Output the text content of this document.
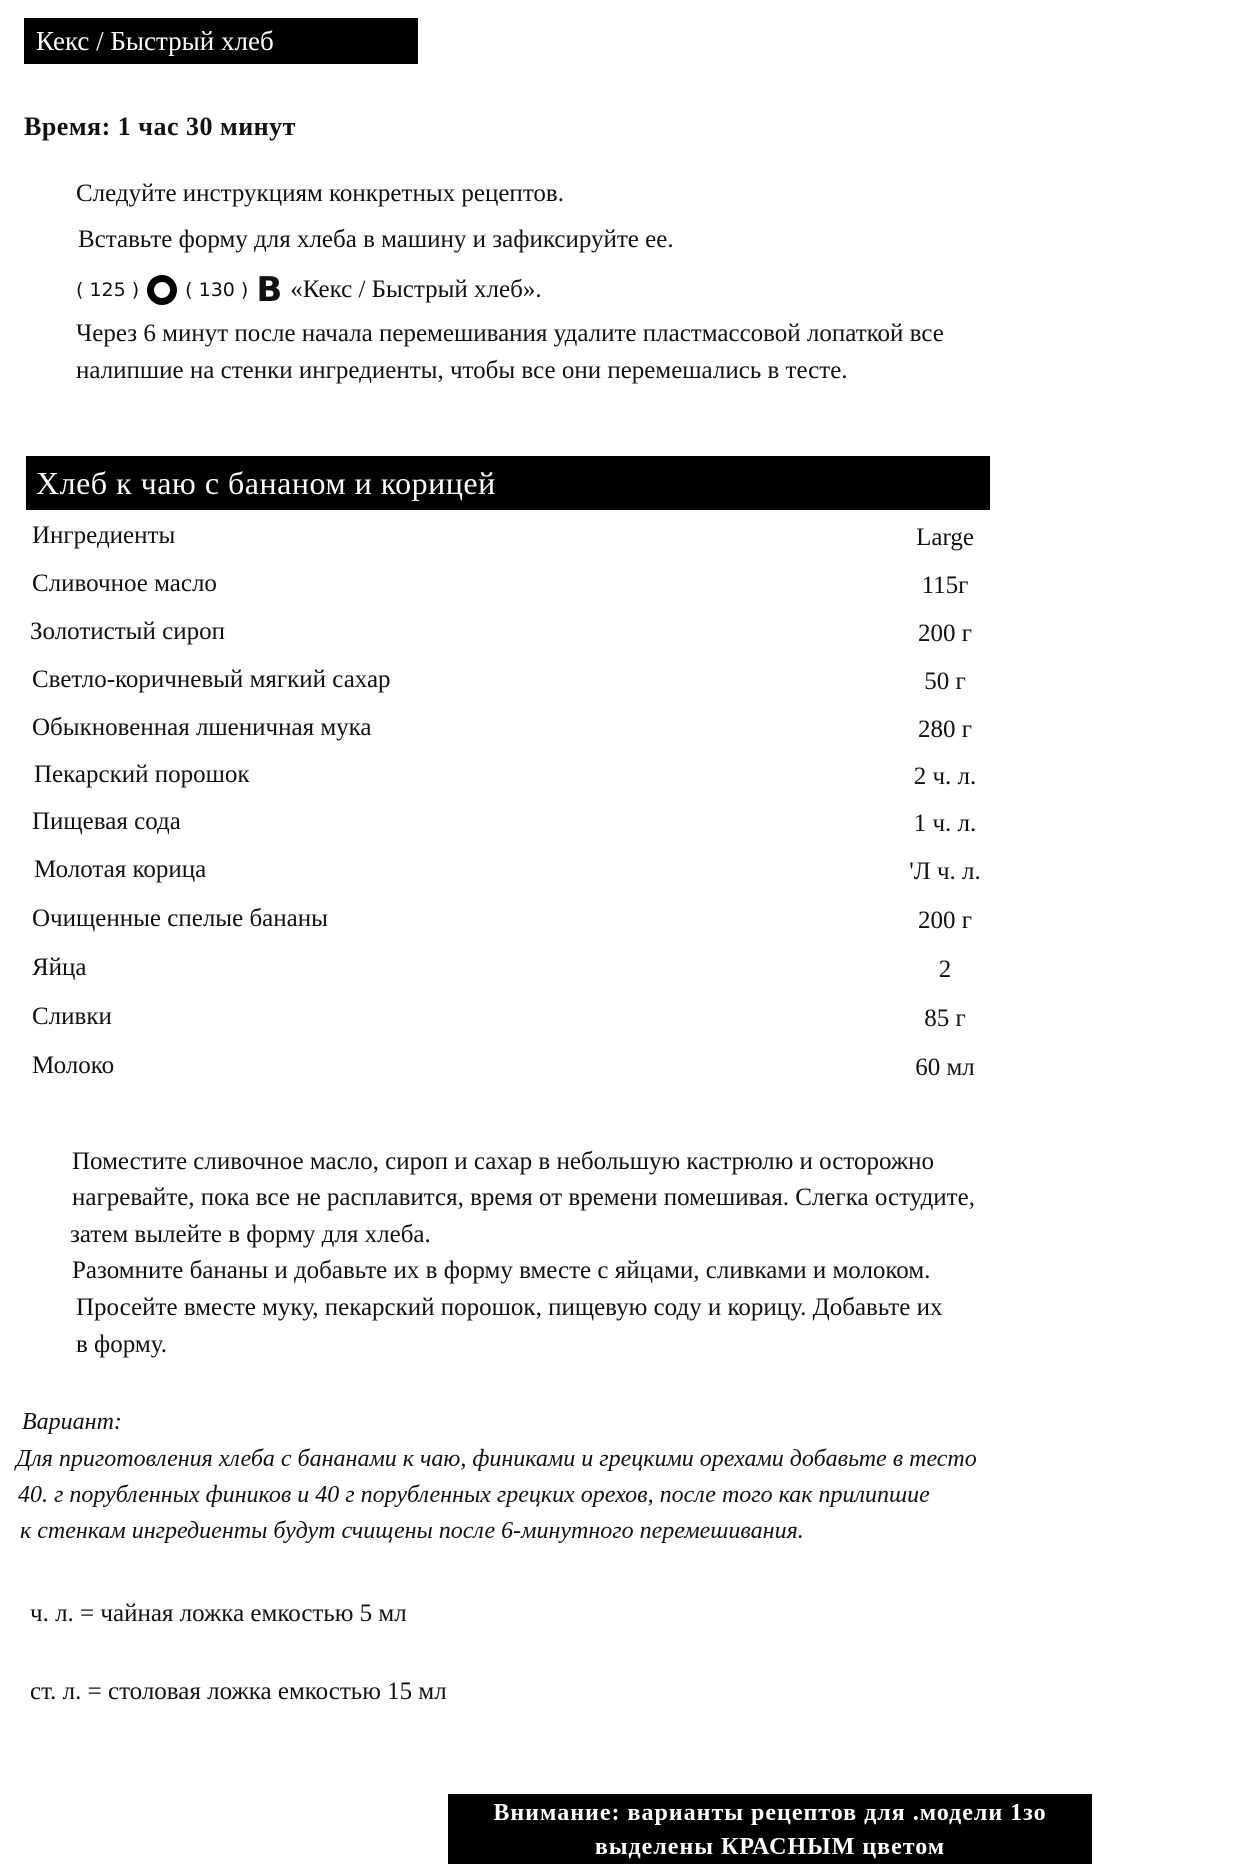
Кекс / Быстрый хлеб
Время: 1 час 30 минут
Следуйте инструкциям конкретных рецептов.
Вставьте форму для хлеба в машину и зафиксируйте ее.
( 125 ) ( 130 ) B «Кекс / Быстрый хлеб».
Через 6 минут после начала перемешивания удалите пластмассовой лопаткой все
налипшие на стенки ингредиенты, чтобы все они перемешались в тесте.
Хлеб к чаю с бананом и корицей
Ингредиенты	Large
Сливочное масло	115г
Золотистый сироп	200 г
Светло-коричневый мягкий сахар	50 г
Обыкновенная лшеничная мука	280 г
Пекарский порошок	2 ч. л.
Пищевая сода	1 ч. л.
Молотая корица	'Л ч. л.
Очищенные спелые бананы	200 г
Яйца	2
Сливки	85 г
Молоко	60 мл
Поместите сливочное масло, сироп и сахар в небольшую кастрюлю и осторожно
нагревайте, пока все не расплавится, время от времени помешивая. Слегка остудите,
затем вылейте в форму для хлеба.
Разомните бананы и добавьте их в форму вместе с яйцами, сливками и молоком.
Просейте вместе муку, пекарский порошок, пищевую соду и корицу. Добавьте их
в форму.
Вариант:
Для приготовления хлеба с бананами к чаю, финиками и грецкими орехами добавьте в тесто
40. г порубленных фиников и 40 г порубленных грецких орехов, после того как прилипшие
к стенкам ингредиенты будут счищены после 6-минутного перемешивания.
ч. л. = чайная ложка емкостью 5 мл
ст. л. = столовая ложка емкостью 15 мл
Внимание: варианты рецептов для .модели 1зо
выделены КРАСНЫМ цветом
